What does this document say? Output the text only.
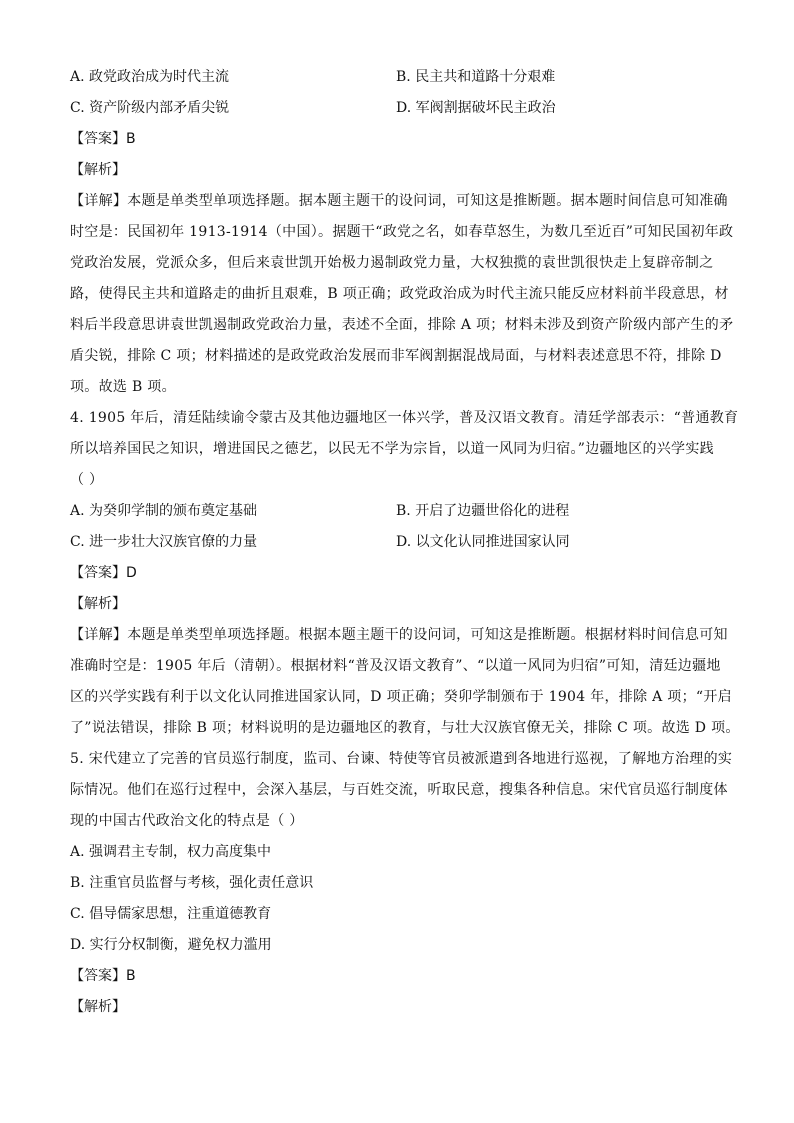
A. 政党政治成为时代主流	B. 民主共和道路十分艰难
C. 资产阶级内部矛盾尖锐	D. 军阀割据破坏民主政治
【答案】B
【解析】
【详解】本题是单类型单项选择题。据本题主题干的设问词，可知这是推断题。据本题时间信息可知准确
时空是：民国初年 1913-1914（中国）。据题干“政党之名，如春草怒生，为数几至近百”可知民国初年政
党政治发展，党派众多，但后来袁世凯开始极力遏制政党力量，大权独揽的袁世凯很快走上复辟帝制之
路，使得民主共和道路走的曲折且艰难，B 项正确；政党政治成为时代主流只能反应材料前半段意思，材
料后半段意思讲袁世凯遏制政党政治力量，表述不全面，排除 A 项；材料未涉及到资产阶级内部产生的矛
盾尖锐，排除 C 项；材料描述的是政党政治发展而非军阀割据混战局面，与材料表述意思不符，排除 D
项。故选 B 项。
4. 1905 年后，清廷陆续谕令蒙古及其他边疆地区一体兴学，普及汉语文教育。清廷学部表示：“普通教育
所以培养国民之知识，增进国民之德艺，以民无不学为宗旨，以道一风同为归宿。”边疆地区的兴学实践
（ ）
A. 为癸卯学制的颁布奠定基础	B. 开启了边疆世俗化的进程
C. 进一步壮大汉族官僚的力量	D. 以文化认同推进国家认同
【答案】D
【解析】
【详解】本题是单类型单项选择题。根据本题主题干的设问词，可知这是推断题。根据材料时间信息可知
准确时空是：1905 年后（清朝）。根据材料“普及汉语文教育”、“以道一风同为归宿”可知，清廷边疆地
区的兴学实践有利于以文化认同推进国家认同，D 项正确；癸卯学制颁布于 1904 年，排除 A 项；“开启
了”说法错误，排除 B 项；材料说明的是边疆地区的教育，与壮大汉族官僚无关，排除 C 项。故选 D 项。
5. 宋代建立了完善的官员巡行制度，监司、台谏、特使等官员被派遣到各地进行巡视，了解地方治理的实
际情况。他们在巡行过程中，会深入基层，与百姓交流，听取民意，搜集各种信息。宋代官员巡行制度体
现的中国古代政治文化的特点是（ ）
A. 强调君主专制，权力高度集中
B. 注重官员监督与考核，强化责任意识
C. 倡导儒家思想，注重道德教育
D. 实行分权制衡，避免权力滥用
【答案】B
【解析】
